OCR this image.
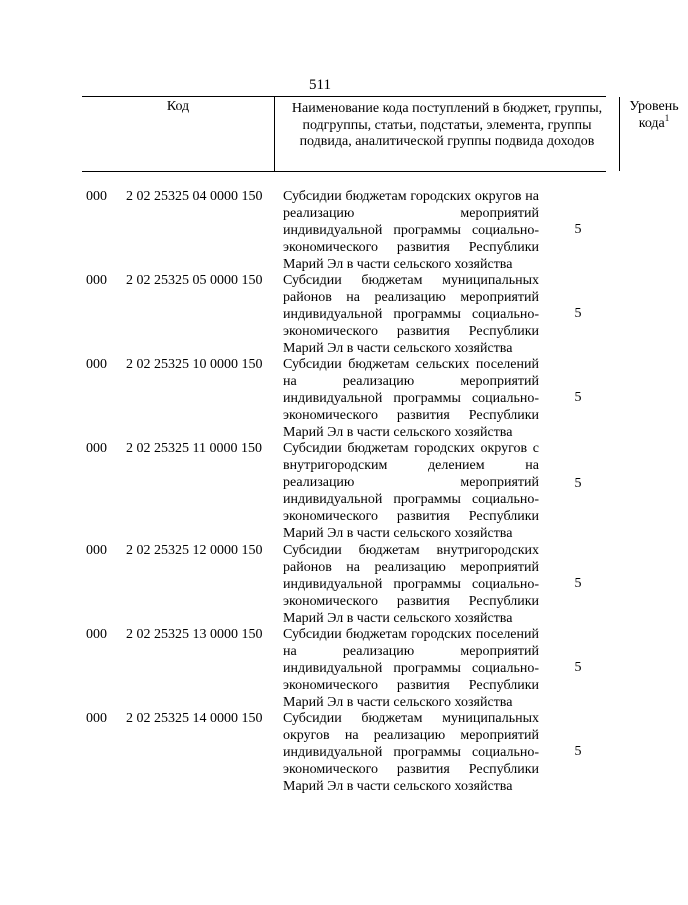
511
Код	Наименование кода поступлений в бюджет, группы, подгруппы, статьи, подстатьи, элемента, группы подвида, аналитической группы подвида доходов
Уровень кода$^1$
000 2 02 25325 04 0000 150 Субсидии бюджетам городских округов на реализацию мероприятий индивидуальной программы социально-экономического развития Республики Марий Эл в части сельского хозяйства
5
000 2 02 25325 05 0000 150 Субсидии бюджетам муниципальных районов на реализацию мероприятий индивидуальной программы социально-экономического развития Республики Марий Эл в части сельского хозяйства
5
000 2 02 25325 10 0000 150 Субсидии бюджетам сельских поселений на реализацию мероприятий индивидуальной программы социально-экономического развития Республики Марий Эл в части сельского хозяйства
5
000 2 02 25325 11 0000 150 Субсидии бюджетам городских округов с внутригородским делением на реализацию мероприятий индивидуальной программы социально-экономического развития Республики Марий Эл в части сельского хозяйства
5
000 2 02 25325 12 0000 150 Субсидии бюджетам внутригородских районов на реализацию мероприятий индивидуальной программы социально-экономического развития Республики Марий Эл в части сельского хозяйства
5
000 2 02 25325 13 0000 150 Субсидии бюджетам городских поселений на реализацию мероприятий индивидуальной программы социально-экономического развития Республики Марий Эл в части сельского хозяйства
5
000 2 02 25325 14 0000 150 Субсидии бюджетам муниципальных округов на реализацию мероприятий индивидуальной программы социально-экономического развития Республики Марий Эл в части сельского хозяйства
5
